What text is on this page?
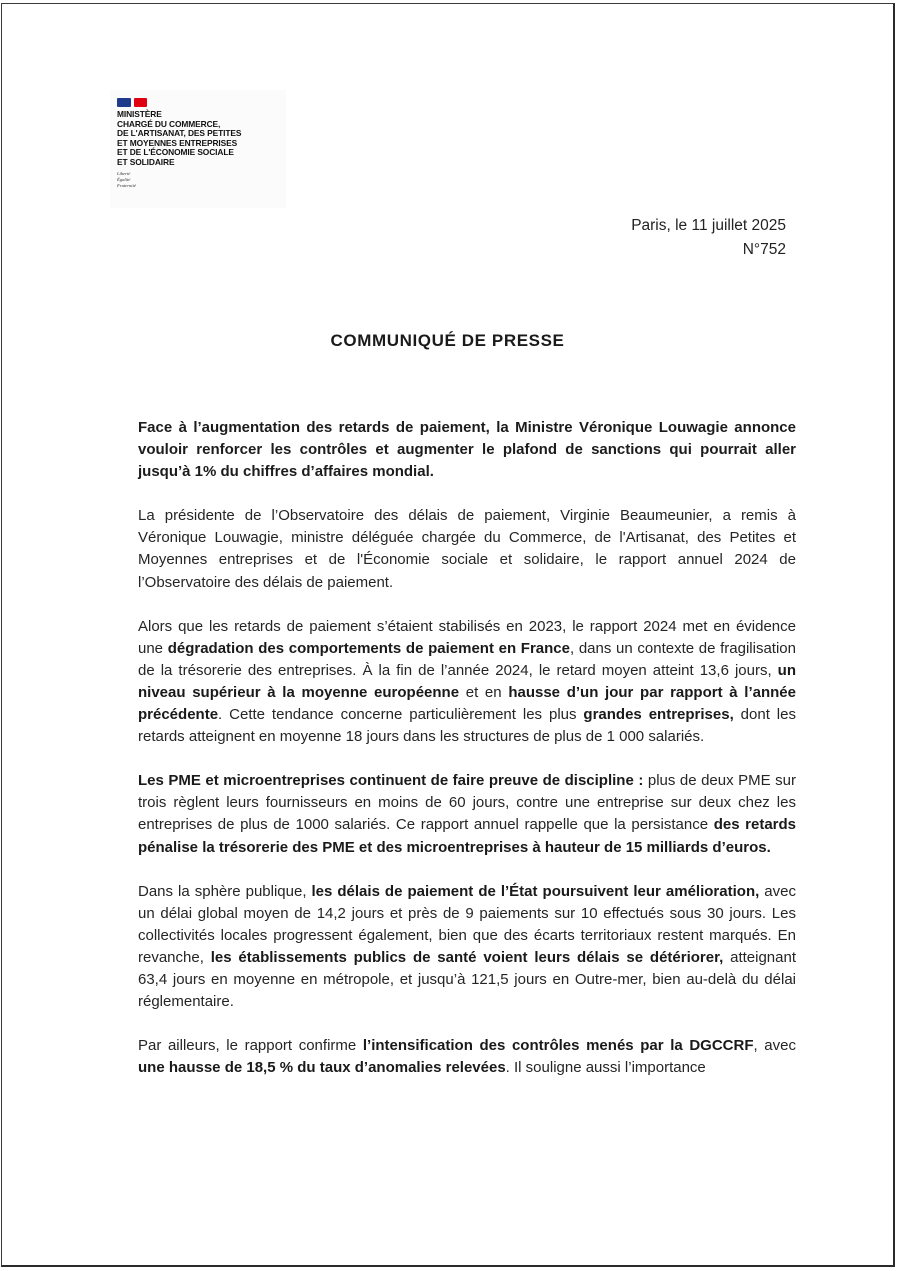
MINISTÈRE
CHARGÉ DU COMMERCE,
DE L'ARTISANAT, DES PETITES
ET MOYENNES ENTREPRISES
ET DE L'ÉCONOMIE SOCIALE
ET SOLIDAIRE
Liberté
Égalité
Fraternité
Paris, le 11 juillet 2025
N°752
COMMUNIQUÉ DE PRESSE

Face à l’augmentation des retards de paiement, la Ministre Véronique Louwagie annonce vouloir renforcer les contrôles et augmenter le plafond de sanctions qui pourrait aller jusqu’à 1% du chiffres d’affaires mondial.

La présidente de l’Observatoire des délais de paiement, Virginie Beaumeunier, a remis à Véronique Louwagie, ministre déléguée chargée du Commerce, de l'Artisanat, des Petites et Moyennes entreprises et de l'Économie sociale et solidaire, le rapport annuel 2024 de l’Observatoire des délais de paiement.

Alors que les retards de paiement s’étaient stabilisés en 2023, le rapport 2024 met en évidence une dégradation des comportements de paiement en France, dans un contexte de fragilisation de la trésorerie des entreprises. À la fin de l’année 2024, le retard moyen atteint 13,6 jours, un niveau supérieur à la moyenne européenne et en hausse d’un jour par rapport à l’année précédente. Cette tendance concerne particulièrement les plus grandes entreprises, dont les retards atteignent en moyenne 18 jours dans les structures de plus de 1 000 salariés.

Les PME et microentreprises continuent de faire preuve de discipline : plus de deux PME sur trois règlent leurs fournisseurs en moins de 60 jours, contre une entreprise sur deux chez les entreprises de plus de 1000 salariés. Ce rapport annuel rappelle que la persistance des retards pénalise la trésorerie des PME et des microentreprises à hauteur de 15 milliards d’euros.

Dans la sphère publique, les délais de paiement de l’État poursuivent leur amélioration, avec un délai global moyen de 14,2 jours et près de 9 paiements sur 10 effectués sous 30 jours. Les collectivités locales progressent également, bien que des écarts territoriaux restent marqués. En revanche, les établissements publics de santé voient leurs délais se détériorer, atteignant 63,4 jours en moyenne en métropole, et jusqu’à 121,5 jours en Outre-mer, bien au-delà du délai réglementaire.

Par ailleurs, le rapport confirme l’intensification des contrôles menés par la DGCCRF, avec une hausse de 18,5 % du taux d’anomalies relevées. Il souligne aussi l’importance
